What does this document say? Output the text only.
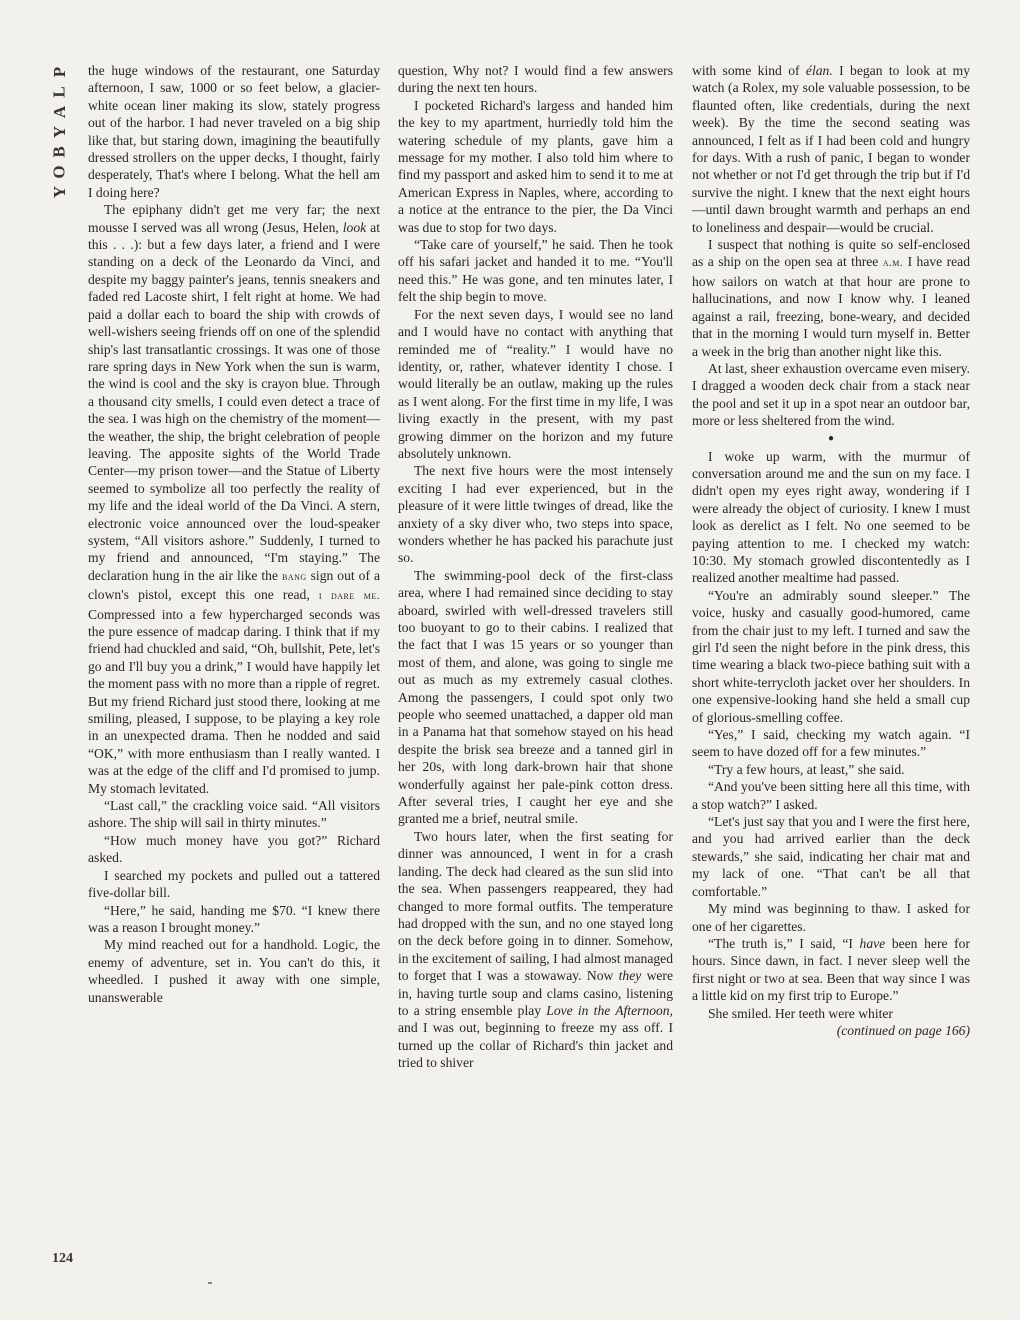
P
L
A
Y
B
O
Y
124

the huge windows of the restaurant, one Saturday afternoon, I saw, 1000 or so feet below, a glacier-white ocean liner making its slow, stately progress out of the harbor. I had never traveled on a big ship like that, but staring down, imagining the beautifully dressed strollers on the upper decks, I thought, fairly desperately, That's where I belong. What the hell am I doing here?

The epiphany didn't get me very far; the next mousse I served was all wrong (Jesus, Helen, look at this . . .): but a few days later, a friend and I were standing on a deck of the Leonardo da Vinci, and despite my baggy painter's jeans, tennis sneakers and faded red Lacoste shirt, I felt right at home. We had paid a dollar each to board the ship with crowds of well-wishers seeing friends off on one of the splendid ship's last transatlantic crossings. It was one of those rare spring days in New York when the sun is warm, the wind is cool and the sky is crayon blue. Through a thousand city smells, I could even detect a trace of the sea. I was high on the chemistry of the moment—the weather, the ship, the bright celebration of people leaving. The apposite sights of the World Trade Center—my prison tower—and the Statue of Liberty seemed to symbolize all too perfectly the reality of my life and the ideal world of the Da Vinci. A stern, electronic voice announced over the loud-speaker system, “All visitors ashore.” Suddenly, I turned to my friend and announced, “I'm staying.” The declaration hung in the air like the bang sign out of a clown's pistol, except this one read, i dare me. Compressed into a few hypercharged seconds was the pure essence of madcap daring. I think that if my friend had chuckled and said, “Oh, bullshit, Pete, let's go and I'll buy you a drink,” I would have happily let the moment pass with no more than a ripple of regret. But my friend Richard just stood there, looking at me smiling, pleased, I suppose, to be playing a key role in an unexpected drama. Then he nodded and said “OK,” with more enthusiasm than I really wanted. I was at the edge of the cliff and I'd promised to jump. My stomach levitated.

“Last call,” the crackling voice said. “All visitors ashore. The ship will sail in thirty minutes.”

“How much money have you got?” Richard asked.

I searched my pockets and pulled out a tattered five-dollar bill.

“Here,” he said, handing me $70. “I knew there was a reason I brought money.”

My mind reached out for a handhold. Logic, the enemy of adventure, set in. You can't do this, it wheedled. I pushed it away with one simple, unanswerable

question, Why not? I would find a few answers during the next ten hours.

I pocketed Richard's largess and handed him the key to my apartment, hurriedly told him the watering schedule of my plants, gave him a message for my mother. I also told him where to find my passport and asked him to send it to me at American Express in Naples, where, according to a notice at the entrance to the pier, the Da Vinci was due to stop for two days.

“Take care of yourself,” he said. Then he took off his safari jacket and handed it to me. “You'll need this.” He was gone, and ten minutes later, I felt the ship begin to move.

For the next seven days, I would see no land and I would have no contact with anything that reminded me of “reality.” I would have no identity, or, rather, whatever identity I chose. I would literally be an outlaw, making up the rules as I went along. For the first time in my life, I was living exactly in the present, with my past growing dimmer on the horizon and my future absolutely unknown.

The next five hours were the most intensely exciting I had ever experienced, but in the pleasure of it were little twinges of dread, like the anxiety of a sky diver who, two steps into space, wonders whether he has packed his parachute just so.

The swimming-pool deck of the first-class area, where I had remained since deciding to stay aboard, swirled with well-dressed travelers still too buoyant to go to their cabins. I realized that the fact that I was 15 years or so younger than most of them, and alone, was going to single me out as much as my extremely casual clothes. Among the passengers, I could spot only two people who seemed unattached, a dapper old man in a Panama hat that somehow stayed on his head despite the brisk sea breeze and a tanned girl in her 20s, with long dark-brown hair that shone wonderfully against her pale-pink cotton dress. After several tries, I caught her eye and she granted me a brief, neutral smile.

Two hours later, when the first seating for dinner was announced, I went in for a crash landing. The deck had cleared as the sun slid into the sea. When passengers reappeared, they had changed to more formal outfits. The temperature had dropped with the sun, and no one stayed long on the deck before going in to dinner. Somehow, in the excitement of sailing, I had almost managed to forget that I was a stowaway. Now they were in, having turtle soup and clams casino, listening to a string ensemble play Love in the Afternoon, and I was out, beginning to freeze my ass off. I turned up the collar of Richard's thin jacket and tried to shiver

with some kind of élan. I began to look at my watch (a Rolex, my sole valuable possession, to be flaunted often, like credentials, during the next week). By the time the second seating was announced, I felt as if I had been cold and hungry for days. With a rush of panic, I began to wonder not whether or not I'd get through the trip but if I'd survive the night. I knew that the next eight hours—until dawn brought warmth and perhaps an end to loneliness and despair—would be crucial.

I suspect that nothing is quite so self-enclosed as a ship on the open sea at three a.m. I have read how sailors on watch at that hour are prone to hallucinations, and now I know why. I leaned against a rail, freezing, bone-weary, and decided that in the morning I would turn myself in. Better a week in the brig than another night like this.

At last, sheer exhaustion overcame even misery. I dragged a wooden deck chair from a stack near the pool and set it up in a spot near an outdoor bar, more or less sheltered from the wind.

●

I woke up warm, with the murmur of conversation around me and the sun on my face. I didn't open my eyes right away, wondering if I were already the object of curiosity. I knew I must look as derelict as I felt. No one seemed to be paying attention to me. I checked my watch: 10:30. My stomach growled discontentedly as I realized another mealtime had passed.

“You're an admirably sound sleeper.” The voice, husky and casually good-humored, came from the chair just to my left. I turned and saw the girl I'd seen the night before in the pink dress, this time wearing a black two-piece bathing suit with a short white-terrycloth jacket over her shoulders. In one expensive-looking hand she held a small cup of glorious-smelling coffee.

“Yes,” I said, checking my watch again. “I seem to have dozed off for a few minutes.”

“Try a few hours, at least,” she said.

“And you've been sitting here all this time, with a stop watch?” I asked.

“Let's just say that you and I were the first here, and you had arrived earlier than the deck stewards,” she said, indicating her chair mat and my lack of one. “That can't be all that comfortable.”

My mind was beginning to thaw. I asked for one of her cigarettes.

“The truth is,” I said, “I have been here for hours. Since dawn, in fact. I never sleep well the first night or two at sea. Been that way since I was a little kid on my first trip to Europe.”

She smiled. Her teeth were whiter

(continued on page 166)
